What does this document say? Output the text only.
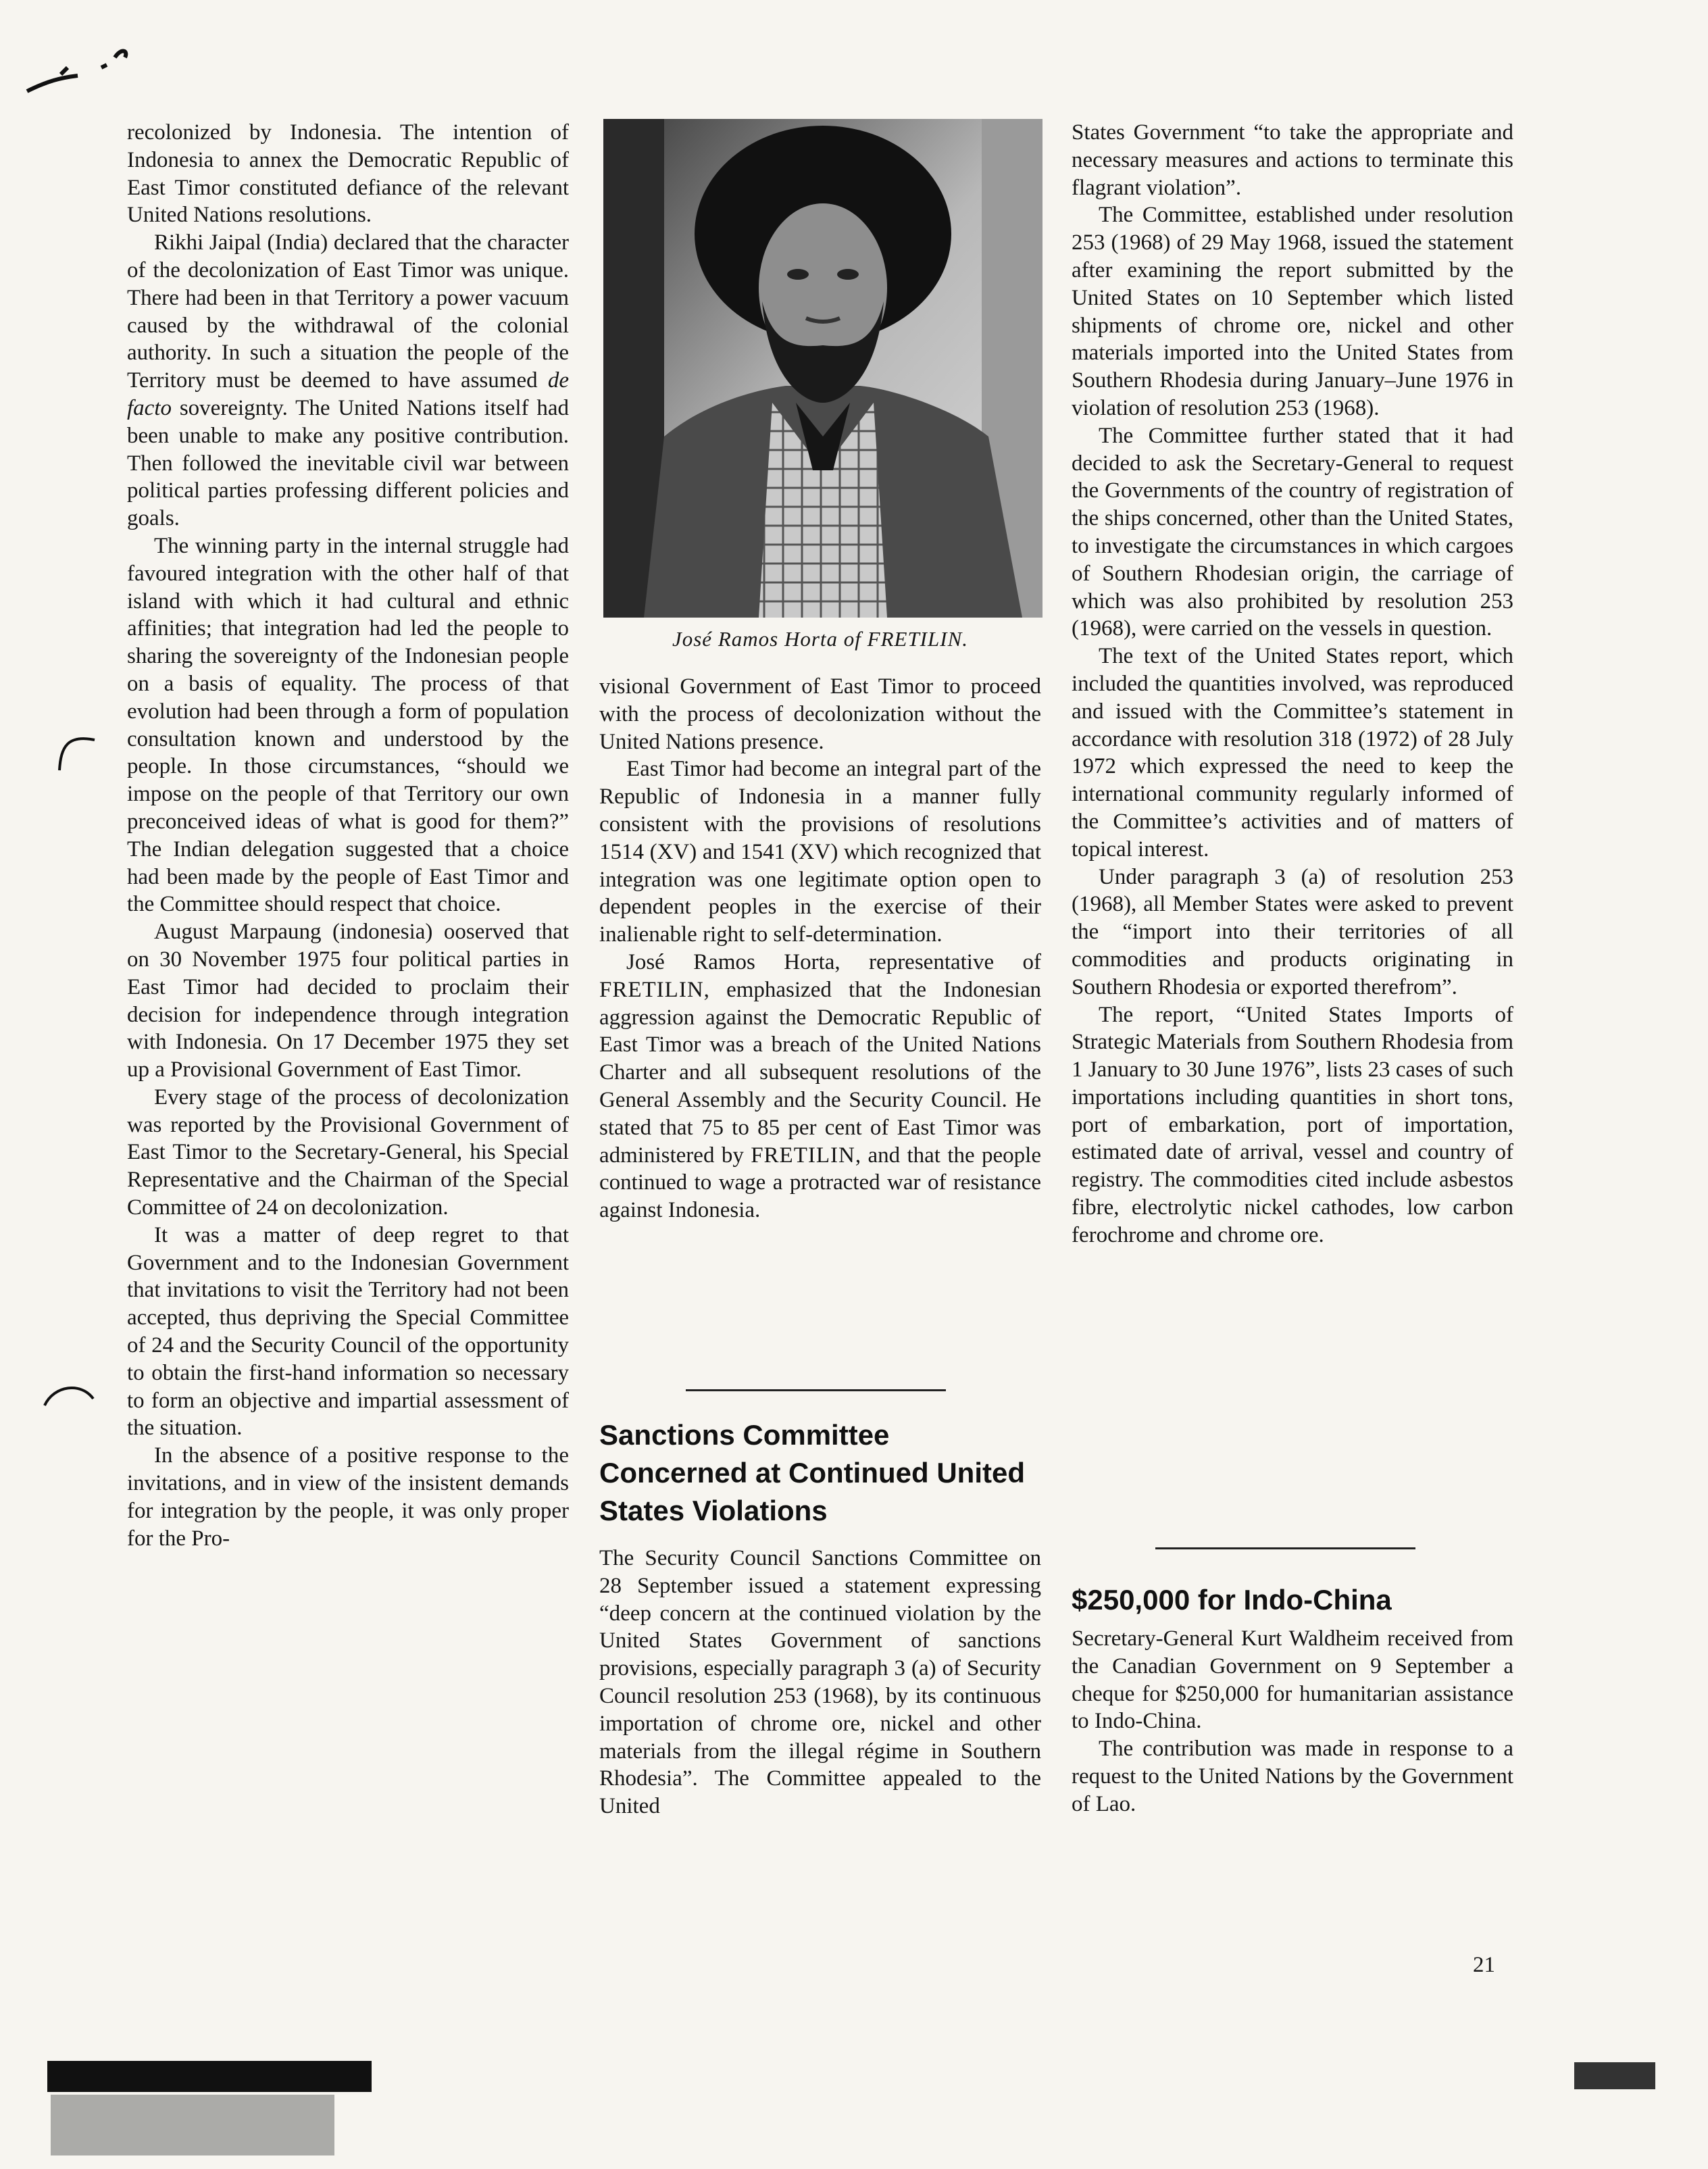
recolonized by Indonesia. The intention of Indonesia to annex the Democratic Republic of East Timor constituted defiance of the relevant United Nations resolutions.

Rikhi Jaipal (India) declared that the character of the decolonization of East Timor was unique. There had been in that Territory a power vacuum caused by the withdrawal of the colonial authority. In such a situation the people of the Territory must be deemed to have assumed de facto sovereignty. The United Nations itself had been unable to make any positive contribution. Then followed the inevitable civil war between political parties professing different policies and goals.

The winning party in the internal struggle had favoured integration with the other half of that island with which it had cultural and ethnic affinities; that integration had led the people to sharing the sovereignty of the Indonesian people on a basis of equality. The process of that evolution had been through a form of population consultation known and understood by the people. In those circumstances, “should we impose on the people of that Territory our own preconceived ideas of what is good for them?” The Indian delegation suggested that a choice had been made by the people of East Timor and the Committee should respect that choice.

August Marpaung (indonesia) ooserved that on 30 November 1975 four political parties in East Timor had decided to proclaim their decision for independence through integration with Indonesia. On 17 December 1975 they set up a Provisional Government of East Timor.

Every stage of the process of decolonization was reported by the Provisional Government of East Timor to the Secretary-General, his Special Representative and the Chairman of the Special Committee of 24 on decolonization.

It was a matter of deep regret to that Government and to the Indonesian Government that invitations to visit the Territory had not been accepted, thus depriving the Special Committee of 24 and the Security Council of the opportunity to obtain the first-hand information so necessary to form an objective and impartial assessment of the situation.

In the absence of a positive response to the invitations, and in view of the insistent demands for integration by the people, it was only proper for the Pro-

José Ramos Horta of FRETILIN.

visional Government of East Timor to proceed with the process of decolonization without the United Nations presence.

East Timor had become an integral part of the Republic of Indonesia in a manner fully consistent with the provisions of resolutions 1514 (XV) and 1541 (XV) which recognized that integration was one legitimate option open to dependent peoples in the exercise of their inalienable right to self-determination.

José Ramos Horta, representative of FRETILIN, emphasized that the Indonesian aggression against the Democratic Republic of East Timor was a breach of the United Nations Charter and all subsequent resolutions of the General Assembly and the Security Council. He stated that 75 to 85 per cent of East Timor was administered by FRETILIN, and that the people continued to wage a protracted war of resistance against Indonesia.

Sanctions Committee Concerned at Continued United States Violations

The Security Council Sanctions Committee on 28 September issued a statement expressing “deep concern at the continued violation by the United States Government of sanctions provisions, especially paragraph 3 (a) of Security Council resolution 253 (1968), by its continuous importation of chrome ore, nickel and other materials from the illegal régime in Southern Rhodesia”. The Committee appealed to the United

States Government “to take the appropriate and necessary measures and actions to terminate this flagrant violation”.

The Committee, established under resolution 253 (1968) of 29 May 1968, issued the statement after examining the report submitted by the United States on 10 September which listed shipments of chrome ore, nickel and other materials imported into the United States from Southern Rhodesia during January–June 1976 in violation of resolution 253 (1968).

The Committee further stated that it had decided to ask the Secretary-General to request the Governments of the country of registration of the ships concerned, other than the United States, to investigate the circumstances in which cargoes of Southern Rhodesian origin, the carriage of which was also prohibited by resolution 253 (1968), were carried on the vessels in question.

The text of the United States report, which included the quantities involved, was reproduced and issued with the Committee’s statement in accordance with resolution 318 (1972) of 28 July 1972 which expressed the need to keep the international community regularly informed of the Committee’s activities and of matters of topical interest.

Under paragraph 3 (a) of resolution 253 (1968), all Member States were asked to prevent the “import into their territories of all commodities and products originating in Southern Rhodesia or exported therefrom”.

The report, “United States Imports of Strategic Materials from Southern Rhodesia from 1 January to 30 June 1976”, lists 23 cases of such importations including quantities in short tons, port of embarkation, port of importation, estimated date of arrival, vessel and country of registry. The commodities cited include asbestos fibre, electrolytic nickel cathodes, low carbon ferochrome and chrome ore.

$250,000 for Indo-China

Secretary-General Kurt Waldheim received from the Canadian Government on 9 September a cheque for $250,000 for humanitarian assistance to Indo-China.

The contribution was made in response to a request to the United Nations by the Government of Lao.

21
